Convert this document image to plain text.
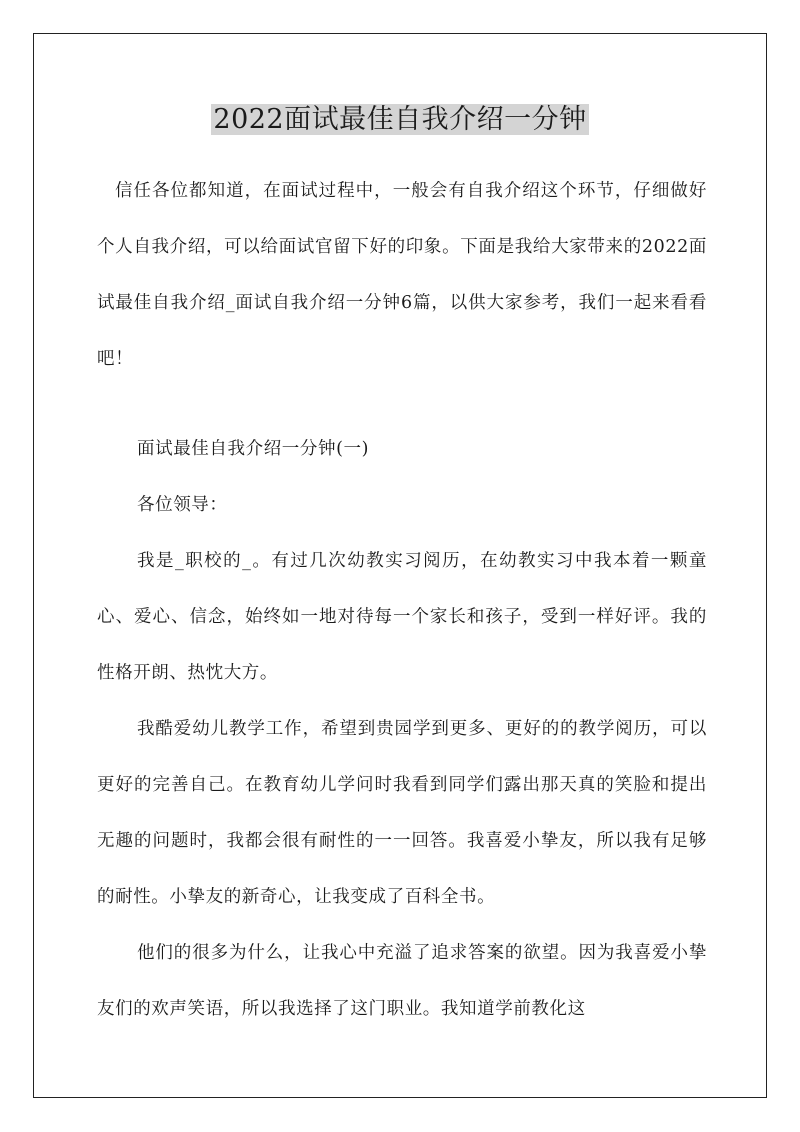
2022面试最佳自我介绍一分钟

信任各位都知道，在面试过程中，一般会有自我介绍这个环节，仔细做好个人自我介绍，可以给面试官留下好的印象。下面是我给大家带来的2022面试最佳自我介绍_面试自我介绍一分钟6篇，以供大家参考，我们一起来看看吧！

面试最佳自我介绍一分钟(一)

各位领导：

我是_职校的_。有过几次幼教实习阅历，在幼教实习中我本着一颗童心、爱心、信念，始终如一地对待每一个家长和孩子，受到一样好评。我的性格开朗、热忱大方。

我酷爱幼儿教学工作，希望到贵园学到更多、更好的的教学阅历，可以更好的完善自己。在教育幼儿学问时我看到同学们露出那天真的笑脸和提出无趣的问题时，我都会很有耐性的一一回答。我喜爱小挚友，所以我有足够的耐性。小挚友的新奇心，让我变成了百科全书。

他们的很多为什么，让我心中充溢了追求答案的欲望。因为我喜爱小挚友们的欢声笑语，所以我选择了这门职业。我知道学前教化这
